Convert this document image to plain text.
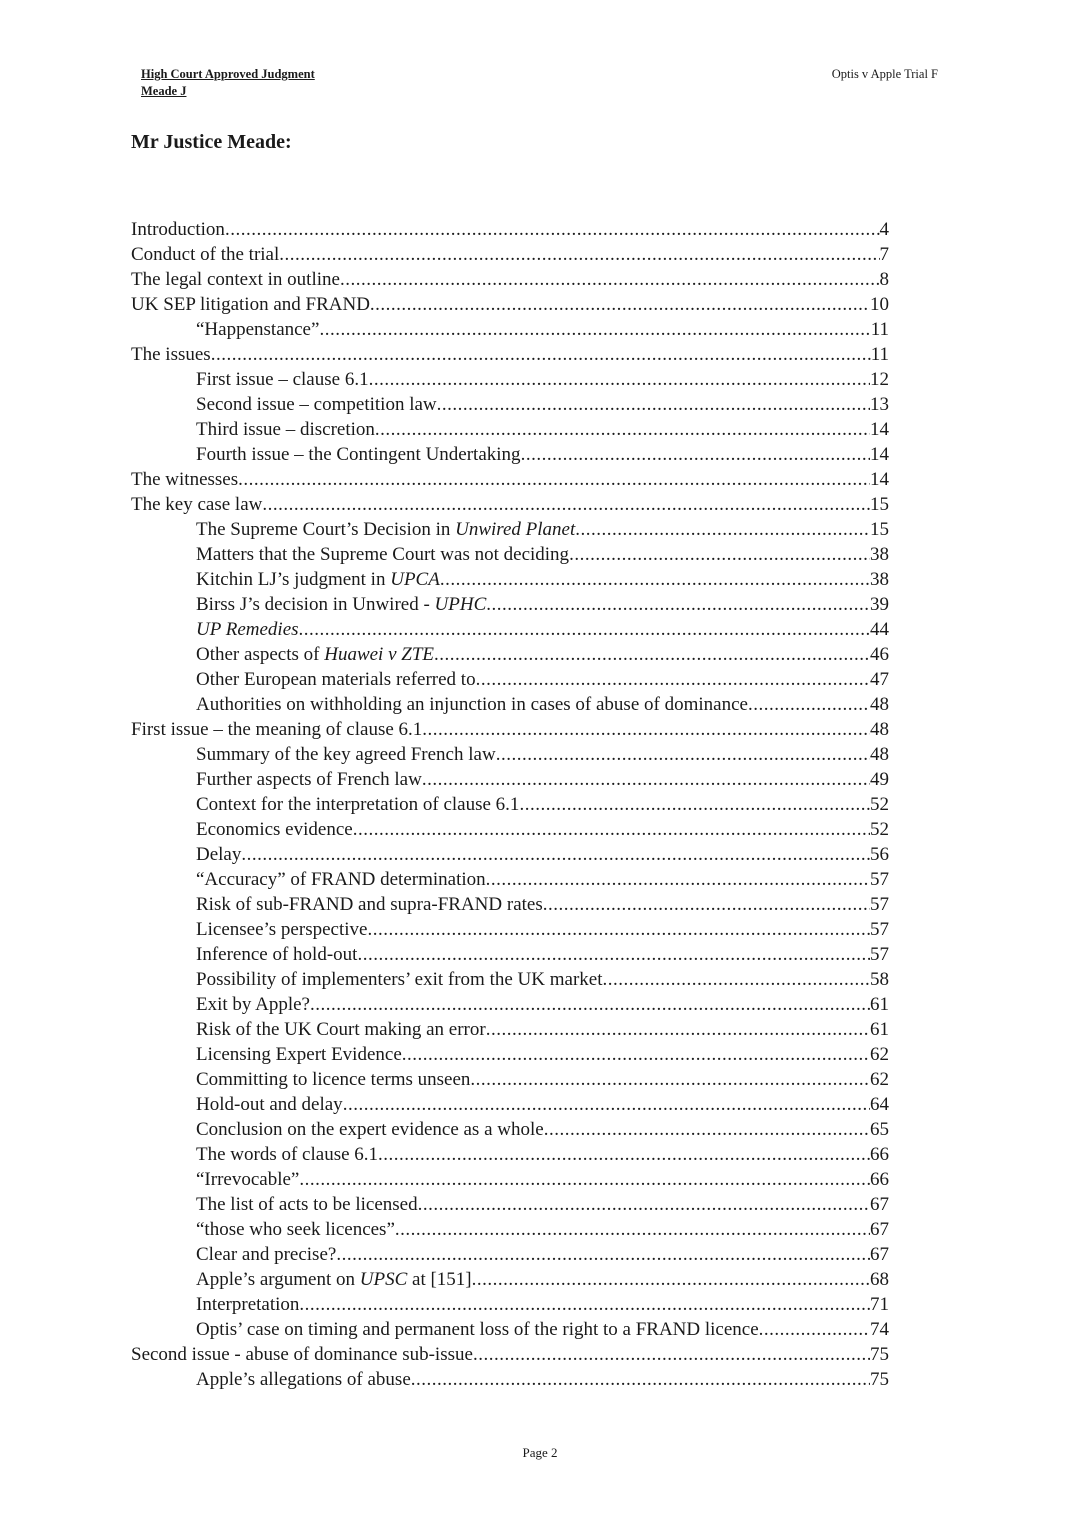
High Court Approved Judgment
Meade J
Optis v Apple Trial F
Mr Justice Meade:
Introduction .....	4
Conduct of the trial .....	7
The legal context in outline .....	8
UK SEP litigation and FRAND .....	10
“Happenstance” .....	11
The issues .....	11
First issue – clause 6.1 .....	12
Second issue – competition law .....	13
Third issue – discretion .....	14
Fourth issue – the Contingent Undertaking .....	14
The witnesses .....	14
The key case law .....	15
The Supreme Court’s Decision in Unwired Planet .....	15
Matters that the Supreme Court was not deciding .....	38
Kitchin LJ’s judgment in UPCA .....	38
Birss J’s decision in Unwired - UPHC .....	39
UP Remedies .....	44
Other aspects of Huawei v ZTE .....	46
Other European materials referred to .....	47
Authorities on withholding an injunction in cases of abuse of dominance .....	48
First issue – the meaning of clause 6.1 .....	48
Summary of the key agreed French law .....	48
Further aspects of French law .....	49
Context for the interpretation of clause 6.1 .....	52
Economics evidence .....	52
Delay .....	56
“Accuracy” of FRAND determination .....	57
Risk of sub-FRAND and supra-FRAND rates .....	57
Licensee’s perspective .....	57
Inference of hold-out .....	57
Possibility of implementers’ exit from the UK market .....	58
Exit by Apple? .....	61
Risk of the UK Court making an error .....	61
Licensing Expert Evidence .....	62
Committing to licence terms unseen .....	62
Hold-out and delay .....	64
Conclusion on the expert evidence as a whole .....	65
The words of clause 6.1 .....	66
“Irrevocable” .....	66
The list of acts to be licensed .....	67
“those who seek licences” .....	67
Clear and precise? .....	67
Apple’s argument on UPSC at [151] .....	68
Interpretation .....	71
Optis’ case on timing and permanent loss of the right to a FRAND licence .....	74
Second issue - abuse of dominance sub-issue .....	75
Apple’s allegations of abuse .....	75
Page 2
